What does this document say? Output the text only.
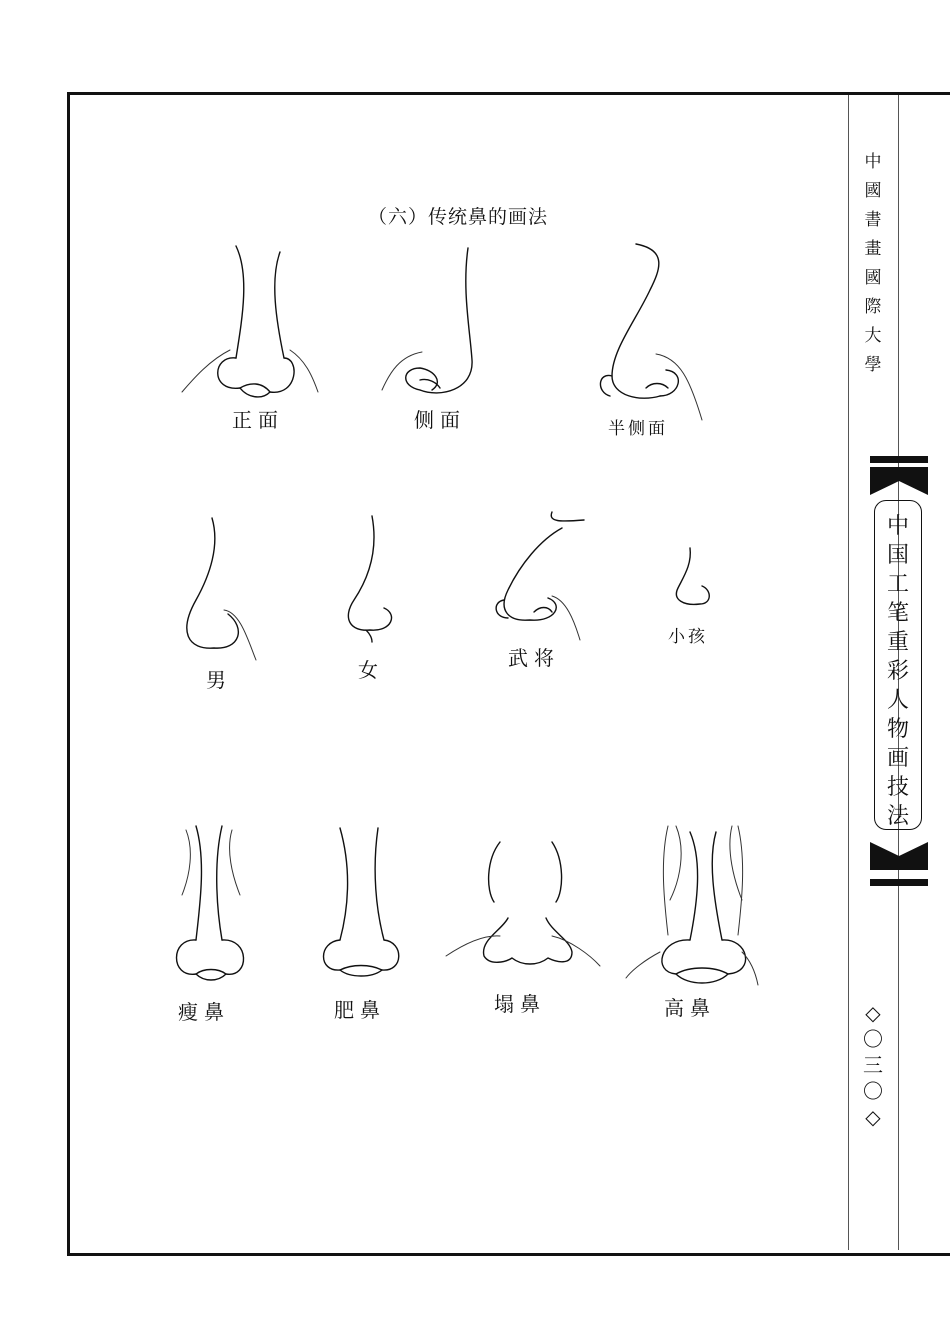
中
國
書
畫
國
際
大
學
中
国
工
笔
重
彩
人
物
画
技
法
◇
〇
三
〇
◇
（六）传统鼻的画法
正面	侧面	半侧面
男	女	武将
小孩
瘦鼻	肥鼻	塌鼻	高鼻
